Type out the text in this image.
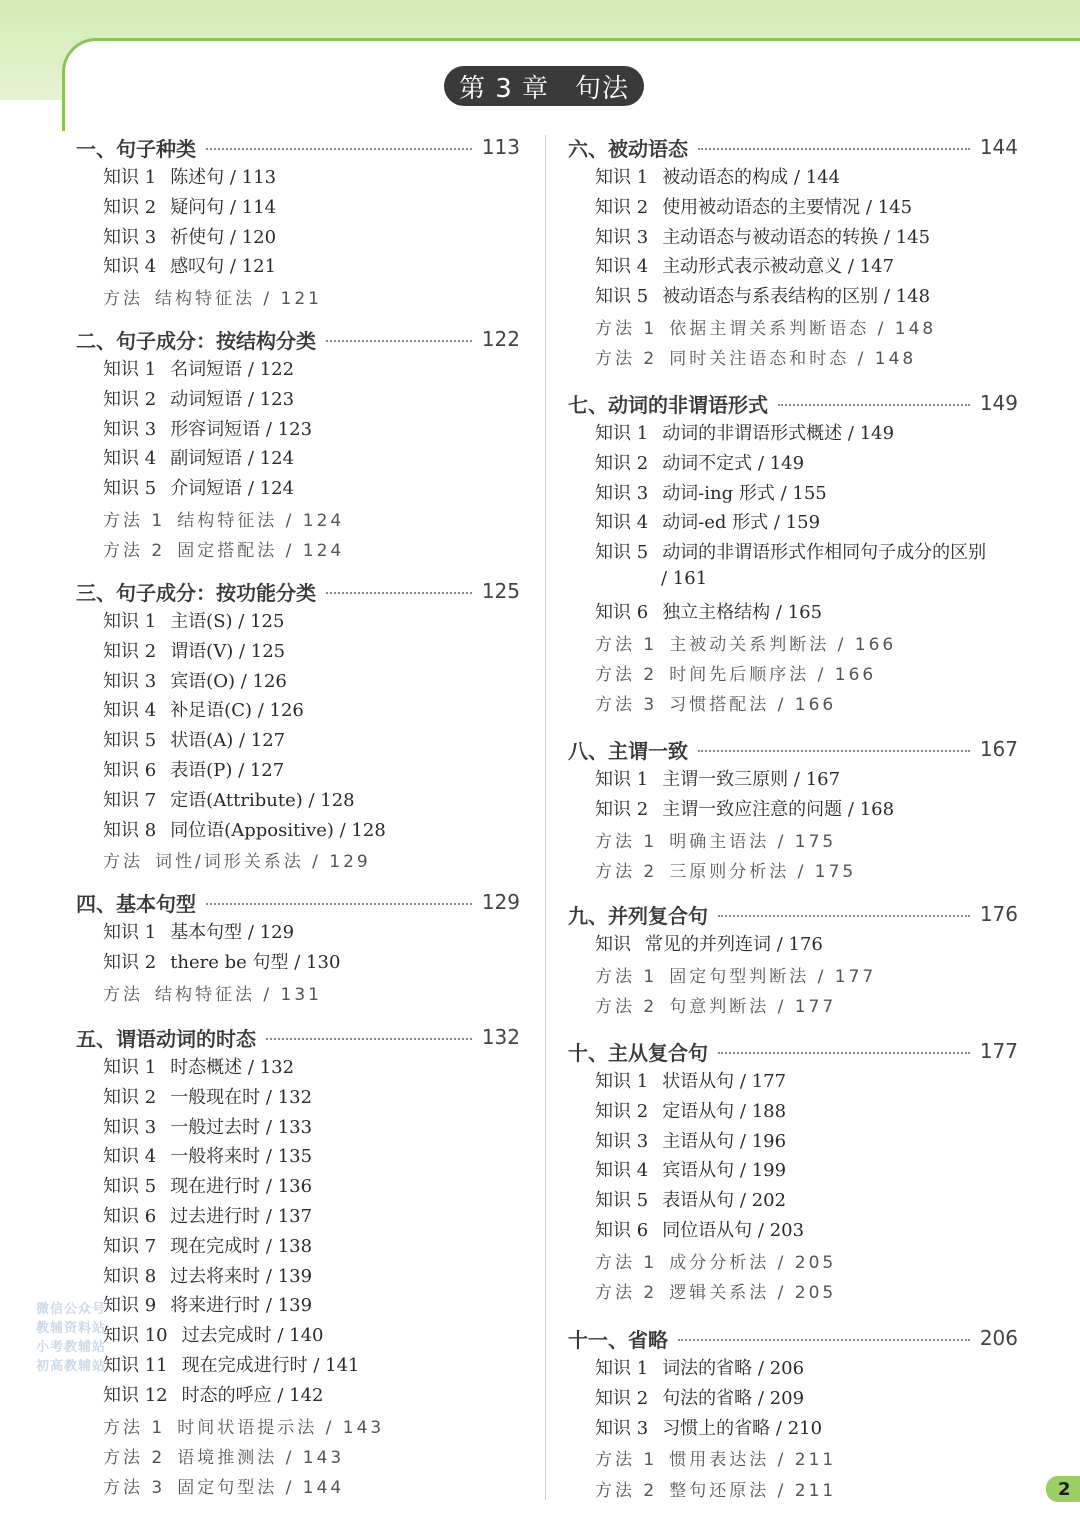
第 3 章 句法
一、句子种类	113
知识 1 陈述句 / 113
知识 2 疑问句 / 114
知识 3 祈使句 / 120
知识 4 感叹句 / 121
方法 结构特征法 / 121
二、句子成分：按结构分类	122
知识 1 名词短语 / 122
知识 2 动词短语 / 123
知识 3 形容词短语 / 123
知识 4 副词短语 / 124
知识 5 介词短语 / 124
方法 1 结构特征法 / 124
方法 2 固定搭配法 / 124
三、句子成分：按功能分类	125
知识 1 主语(S) / 125
知识 2 谓语(V) / 125
知识 3 宾语(O) / 126
知识 4 补足语(C) / 126
知识 5 状语(A) / 127
知识 6 表语(P) / 127
知识 7 定语(Attribute) / 128
知识 8 同位语(Appositive) / 128
方法 词性/词形关系法 / 129
四、基本句型	129
知识 1 基本句型 / 129
知识 2 there be 句型 / 130
方法 结构特征法 / 131
五、谓语动词的时态	132
知识 1 时态概述 / 132
知识 2 一般现在时 / 132
知识 3 一般过去时 / 133
知识 4 一般将来时 / 135
知识 5 现在进行时 / 136
知识 6 过去进行时 / 137
知识 7 现在完成时 / 138
知识 8 过去将来时 / 139
知识 9 将来进行时 / 139
知识 10 过去完成时 / 140
知识 11 现在完成进行时 / 141
知识 12 时态的呼应 / 142
方法 1 时间状语提示法 / 143
方法 2 语境推测法 / 143
方法 3 固定句型法 / 144
六、被动语态	144
知识 1 被动语态的构成 / 144
知识 2 使用被动语态的主要情况 / 145
知识 3 主动语态与被动语态的转换 / 145
知识 4 主动形式表示被动意义 / 147
知识 5 被动语态与系表结构的区别 / 148
方法 1 依据主谓关系判断语态 / 148
方法 2 同时关注语态和时态 / 148
七、动词的非谓语形式	149
知识 1 动词的非谓语形式概述 / 149
知识 2 动词不定式 / 149
知识 3 动词-ing 形式 / 155
知识 4 动词-ed 形式 / 159
知识 5 动词的非谓语形式作相同句子成分的区别
/ 161
知识 6 独立主格结构 / 165
方法 1 主被动关系判断法 / 166
方法 2 时间先后顺序法 / 166
方法 3 习惯搭配法 / 166
八、主谓一致	167
知识 1 主谓一致三原则 / 167
知识 2 主谓一致应注意的问题 / 168
方法 1 明确主语法 / 175
方法 2 三原则分析法 / 175
九、并列复合句	176
知识 常见的并列连词 / 176
方法 1 固定句型判断法 / 177
方法 2 句意判断法 / 177
十、主从复合句	177
知识 1 状语从句 / 177
知识 2 定语从句 / 188
知识 3 主语从句 / 196
知识 4 宾语从句 / 199
知识 5 表语从句 / 202
知识 6 同位语从句 / 203
方法 1 成分分析法 / 205
方法 2 逻辑关系法 / 205
十一、省略	206
知识 1 词法的省略 / 206
知识 2 句法的省略 / 209
知识 3 习惯上的省略 / 210
方法 1 惯用表达法 / 211
方法 2 整句还原法 / 211
微信公众号
教辅资料站
小考教辅站
初高教辅站
2
